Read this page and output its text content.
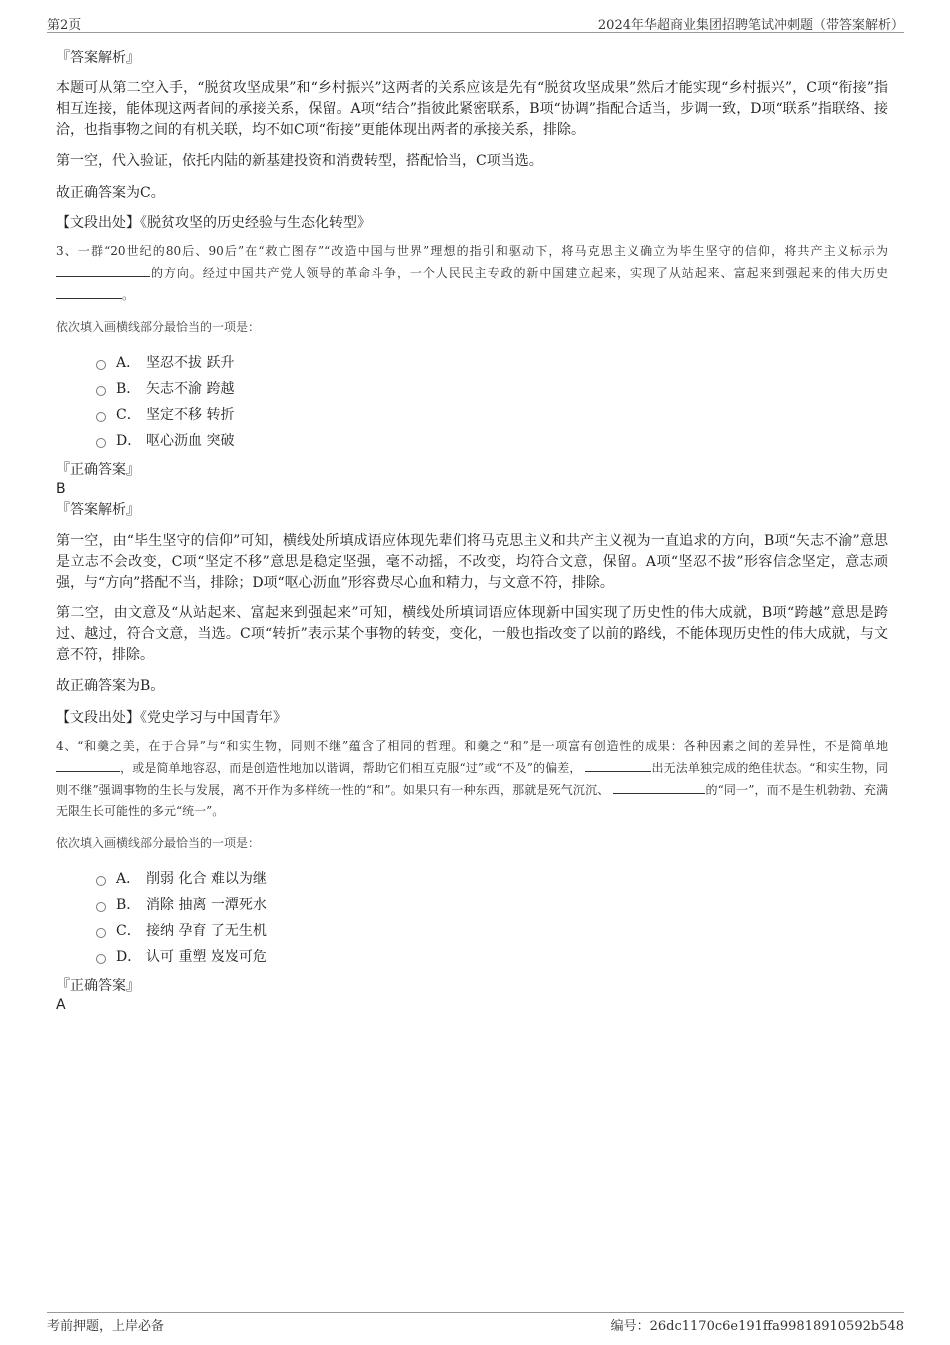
第2页	2024年华超商业集团招聘笔试冲刺题（带答案解析）

『答案解析』

本题可从第二空入手，“脱贫攻坚成果”和“乡村振兴”这两者的关系应该是先有“脱贫攻坚成果”然后才能实现“乡村振兴”，C项“衔接”指相互连接，能体现这两者间的承接关系，保留。A项“结合”指彼此紧密联系，B项“协调”指配合适当，步调一致，D项“联系”指联络、接洽，也指事物之间的有机关联，均不如C项“衔接”更能体现出两者的承接关系，排除。

第一空，代入验证，依托内陆的新基建投资和消费转型，搭配恰当，C项当选。

故正确答案为C。

【文段出处】《脱贫攻坚的历史经验与生态化转型》

3、一群“20世纪的80后、90后”在“救亡图存”“改造中国与世界”理想的指引和驱动下，将马克思主义确立为毕生坚守的信仰，将共产主义标示为的方向。经过中国共产党人领导的革命斗争，一个人民民主专政的新中国建立起来，实现了从站起来、富起来到强起来的伟大历史 。

依次填入画横线部分最恰当的一项是：

A． 坚忍不拔 跃升
B． 矢志不渝 跨越
C． 坚定不移 转折
D． 呕心沥血 突破

『正确答案』

B

『答案解析』

第一空，由“毕生坚守的信仰”可知，横线处所填成语应体现先辈们将马克思主义和共产主义视为一直追求的方向，B项“矢志不渝”意思是立志不会改变，C项“坚定不移”意思是稳定坚强，毫不动摇，不改变，均符合文意，保留。A项“坚忍不拔”形容信念坚定，意志顽强，与“方向”搭配不当，排除；D项“呕心沥血”形容费尽心血和精力，与文意不符，排除。

第二空，由文意及“从站起来、富起来到强起来”可知，横线处所填词语应体现新中国实现了历史性的伟大成就，B项“跨越”意思是跨过、越过，符合文意，当选。C项“转折”表示某个事物的转变，变化，一般也指改变了以前的路线，不能体现历史性的伟大成就，与文意不符，排除。

故正确答案为B。

【文段出处】《党史学习与中国青年》

4、“和羹之美，在于合异”与“和实生物，同则不继”蕴含了相同的哲理。和羹之“和”是一项富有创造性的成果：各种因素之间的差异性，不是简单地 ，或是简单地容忍，而是创造性地加以谐调，帮助它们相互克服“过”或“不及”的偏差，	出无法单独完成的绝佳状态。“和实生物，同则不继”强调事物的生长与发展，离不开作为多样统一性的“和”。如果只有一种东西，那就是死气沉沉、	的“同一”，而不是生机勃勃、充满无限生长可能性的多元“统一”。

依次填入画横线部分最恰当的一项是：

A． 削弱 化合 难以为继
B． 消除 抽离 一潭死水
C． 接纳 孕育 了无生机
D． 认可 重塑 岌岌可危

『正确答案』

A

考前押题，上岸必备	编号：26dc1170c6e191ffa99818910592b548
